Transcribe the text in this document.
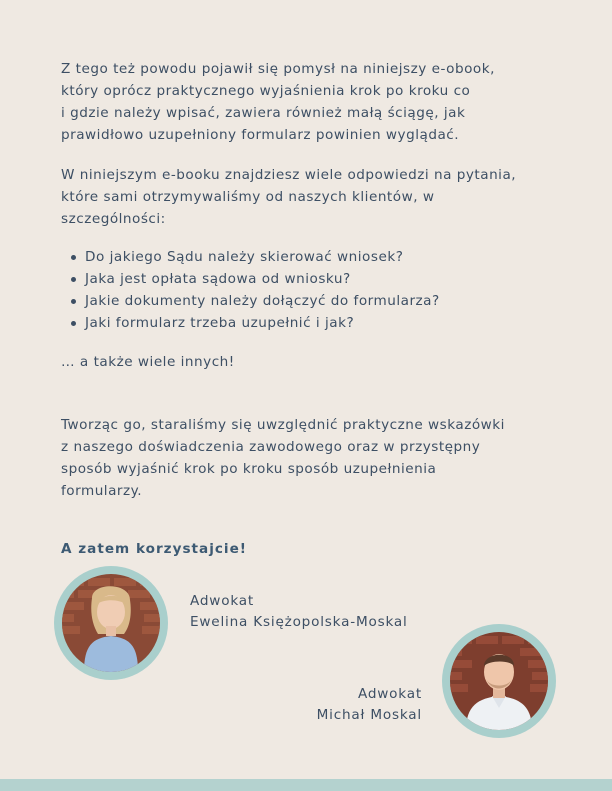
Z tego też powodu pojawił się pomysł na niniejszy e-obook,
który oprócz praktycznego wyjaśnienia krok po kroku co
i gdzie należy wpisać, zawiera również małą ściągę, jak
prawidłowo uzupełniony formularz powinien wyglądać.
W niniejszym e-booku znajdziesz wiele odpowiedzi na pytania,
które sami otrzymywaliśmy od naszych klientów, w
szczególności:
Do jakiego Sądu należy skierować wniosek?
Jaka jest opłata sądowa od wniosku?
Jakie dokumenty należy dołączyć do formularza?
Jaki formularz trzeba uzupełnić i jak?

… a także wiele innych!

Tworząc go, staraliśmy się uwzględnić praktyczne wskazówki
z naszego doświadczenia zawodowego oraz w przystępny
sposób wyjaśnić krok po kroku sposób uzupełnienia
formularzy.

A zatem korzystajcie!

Adwokat
Ewelina Księżopolska-Moskal
Adwokat
Michał Moskal
